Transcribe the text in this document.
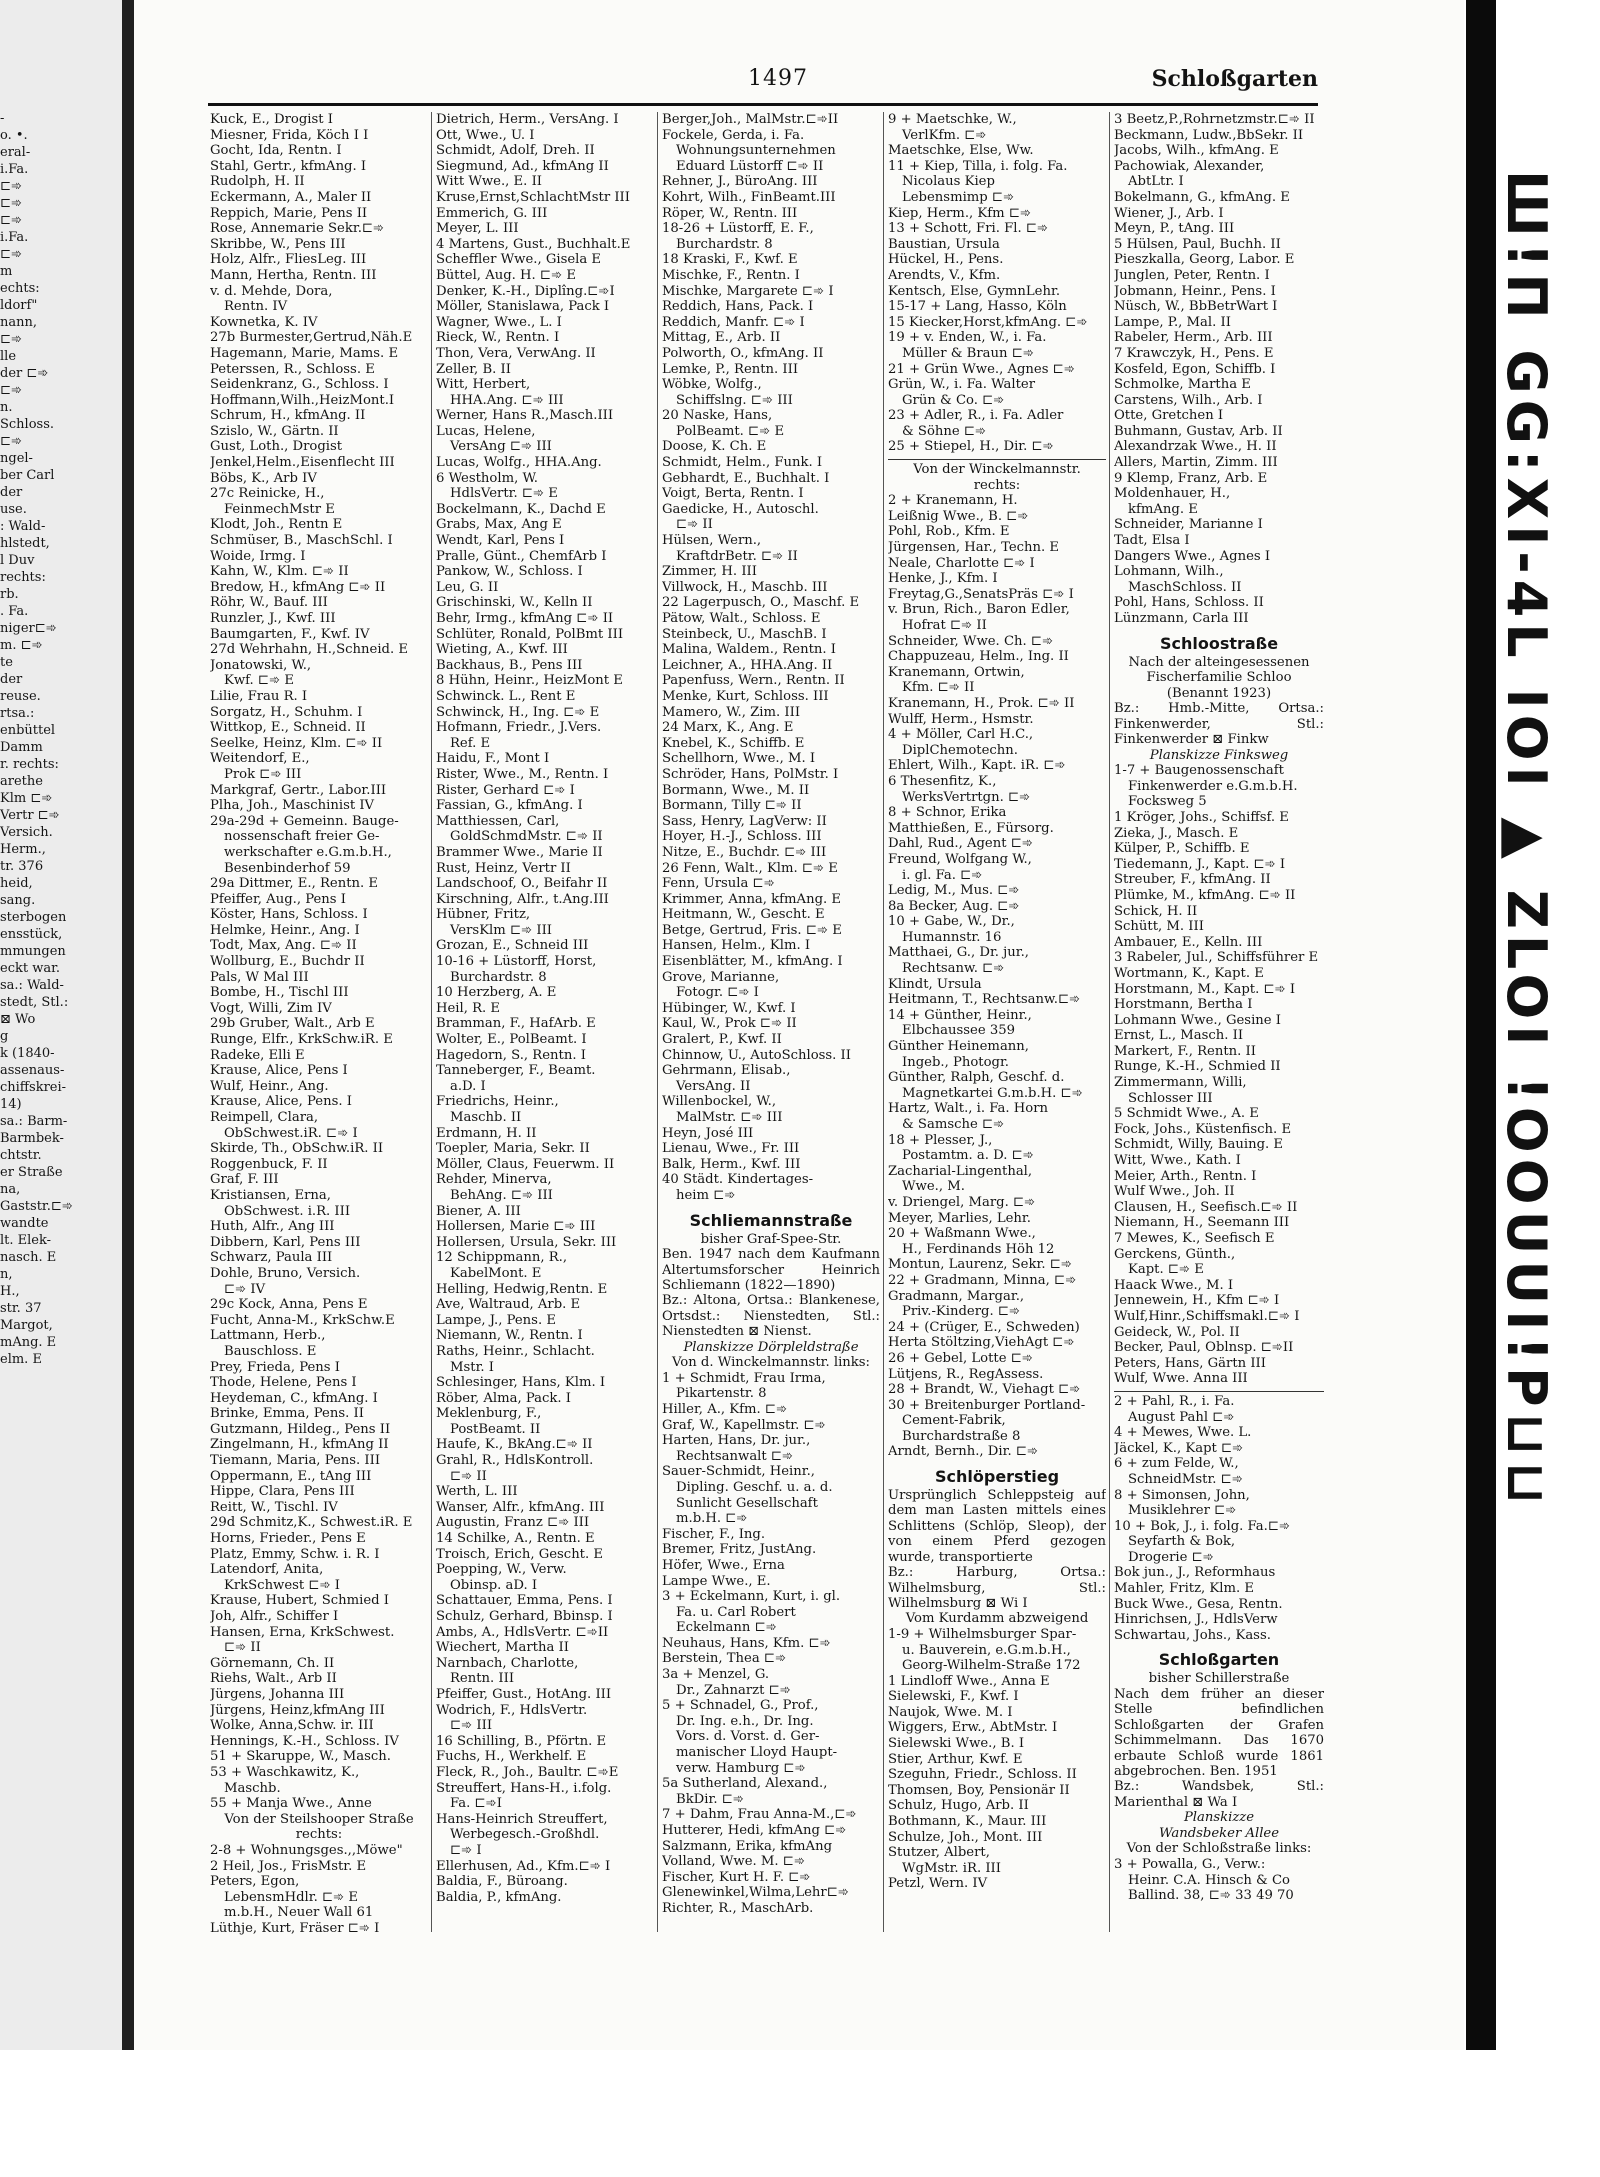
-
o. •.
eral-
i.Fa.
⊏➾
⊏➾
⊏➾
i.Fa.
⊏➾
m
echts:
ldorf"
nann,
⊏➾
lle
der ⊏➾
⊏➾
n.
Schloss.
⊏➾
ngel-
ber Carl
der
use.
: Wald-
hlstedt,
l Duv
rechts:
rb.
. Fa.
niger⊏➾
m. ⊏➾
te
der
reuse.
rtsa.:
enbüttel
Damm
r. rechts:
arethe
Klm ⊏➾
Vertr ⊏➾
Versich.
Herm.,
tr. 376
heid,
sang.
sterbogen
ensstück,
mmungen
eckt war.
sa.: Wald-
stedt, Stl.:
⊠ Wo
g
k (1840-
assenaus-
chiffskrei-
14)
sa.: Barm-
Barmbek-
chtstr.
er Straße
na,
Gaststr.⊏➾
wandte
lt. Elek-
nasch. E
n,
H.,
str. 37
Margot,
mAng. E
elm. E	Ш!П GG:XI-4L IOI ▲ ZLOI !OOUUI!P⊔⊔
1497	Schloßgarten
Kuck, E., Drogist I
Miesner, Frida, Köch I I
Gocht, Ida, Rentn. I
Stahl, Gertr., kfmAng. I
Rudolph, H. II
Eckermann, A., Maler II
Reppich, Marie, Pens II
Rose, Annemarie Sekr.⊏➾
Skribbe, W., Pens III
Holz, Alfr., FliesLeg. III
Mann, Hertha, Rentn. III
v. d. Mehde, Dora,
Rentn. IV
Kownetka, K. IV
27b Burmester,Gertrud,Näh.E
Hagemann, Marie, Mams. E
Peterssen, R., Schloss. E
Seidenkranz, G., Schloss. I
Hoffmann,Wilh.,HeizMont.I
Schrum, H., kfmAng. II
Szislo, W., Gärtn. II
Gust, Loth., Drogist
Jenkel,Helm.,Eisenflecht III
Böbs, K., Arb IV
27c Reinicke, H.,
FeinmechMstr E
Klodt, Joh., Rentn E
Schmüser, B., MaschSchl. I
Woide, Irmg. I
Kahn, W., Klm. ⊏➾ II
Bredow, H., kfmAng ⊏➾ II
Röhr, W., Bauf. III
Runzler, J., Kwf. III
Baumgarten, F., Kwf. IV
27d Wehrhahn, H.,Schneid. E
Jonatowski, W.,
Kwf. ⊏➾ E
Lilie, Frau R. I
Sorgatz, H., Schuhm. I
Wittkop, E., Schneid. II
Seelke, Heinz, Klm. ⊏➾ II
Weitendorf, E.,
Prok ⊏➾ III
Markgraf, Gertr., Labor.III
Plha, Joh., Maschinist IV
29a-29d + Gemeinn. Bauge-
nossenschaft freier Ge-
werkschafter e.G.m.b.H.,
Besenbinderhof 59
29a Dittmer, E., Rentn. E
Pfeiffer, Aug., Pens I
Köster, Hans, Schloss. I
Helmke, Heinr., Ang. I
Todt, Max, Ang. ⊏➾ II
Wollburg, E., Buchdr II
Pals, W Mal III
Bombe, H., Tischl III
Vogt, Willi, Zim IV
29b Gruber, Walt., Arb E
Runge, Elfr., KrkSchw.iR. E
Radeke, Elli E
Krause, Alice, Pens I
Wulf, Heinr., Ang.
Krause, Alice, Pens. I
Reimpell, Clara,
ObSchwest.iR. ⊏➾ I
Skirde, Th., ObSchw.iR. II
Roggenbuck, F. II
Graf, F. III
Kristiansen, Erna,
ObSchwest. i.R. III
Huth, Alfr., Ang III
Dibbern, Karl, Pens III
Schwarz, Paula III
Dohle, Bruno, Versich.
⊏➾ IV
29c Kock, Anna, Pens E
Fucht, Anna-M., KrkSchw.E
Lattmann, Herb.,
Bauschloss. E
Prey, Frieda, Pens I
Thode, Helene, Pens I
Heydeman, C., kfmAng. I
Brinke, Emma, Pens. II
Gutzmann, Hildeg., Pens II
Zingelmann, H., kfmAng II
Tiemann, Maria, Pens. III
Oppermann, E., tAng III
Hippe, Clara, Pens III
Reitt, W., Tischl. IV
29d Schmitz,K., Schwest.iR. E
Horns, Frieder., Pens E
Platz, Emmy, Schw. i. R. I
Latendorf, Anita,
KrkSchwest ⊏➾ I
Krause, Hubert, Schmied I
Joh, Alfr., Schiffer I
Hansen, Erna, KrkSchwest.
⊏➾ II
Görnemann, Ch. II
Riehs, Walt., Arb II
Jürgens, Johanna III
Jürgens, Heinz,kfmAng III
Wolke, Anna,Schw. ir. III
Hennings, K.-H., Schloss. IV
51 + Skaruppe, W., Masch.
53 + Waschkawitz, K.,
Maschb.
55 + Manja Wwe., Anne
Von der Steilshooper Straße
rechts:
2-8 + Wohnungsges.,,Möwe"
2 Heil, Jos., FrisMstr. E
Peters, Egon,
LebensmHdlr. ⊏➾ E
m.b.H., Neuer Wall 61
Lüthje, Kurt, Fräser ⊏➾ I
Dietrich, Herm., VersAng. I
Ott, Wwe., U. I
Schmidt, Adolf, Dreh. II
Siegmund, Ad., kfmAng II
Witt Wwe., E. II
Kruse,Ernst,SchlachtMstr III
Emmerich, G. III
Meyer, L. III
4 Martens, Gust., Buchhalt.E
Scheffler Wwe., Gisela E
Büttel, Aug. H. ⊏➾ E
Denker, K.-H., Diplîng.⊏➾I
Möller, Stanislawa, Pack I
Wagner, Wwe., L. I
Rieck, W., Rentn. I
Thon, Vera, VerwAng. II
Zeller, B. II
Witt, Herbert,
HHA.Ang. ⊏➾ III
Werner, Hans R.,Masch.III
Lucas, Helene,
VersAng ⊏➾ III
Lucas, Wolfg., HHA.Ang.
6 Westholm, W.
HdlsVertr. ⊏➾ E
Bockelmann, K., Dachd E
Grabs, Max, Ang E
Wendt, Karl, Pens I
Pralle, Günt., ChemfArb I
Pankow, W., Schloss. I
Leu, G. II
Grischinski, W., Kelln II
Behr, Irmg., kfmAng ⊏➾ II
Schlüter, Ronald, PolBmt III
Wieting, A., Kwf. III
Backhaus, B., Pens III
8 Hühn, Heinr., HeizMont E
Schwinck. L., Rent E
Schwinck, H., Ing. ⊏➾ E
Hofmann, Friedr., J.Vers.
Ref. E
Haidu, F., Mont I
Rister, Wwe., M., Rentn. I
Rister, Gerhard ⊏➾ I
Fassian, G., kfmAng. I
Matthiessen, Carl,
GoldSchmdMstr. ⊏➾ II
Brammer Wwe., Marie II
Rust, Heinz, Vertr II
Landschoof, O., Beifahr II
Kirschning, Alfr., t.Ang.III
Hübner, Fritz,
VersKlm ⊏➾ III
Grozan, E., Schneid III
10-16 + Lüstorff, Horst,
Burchardstr. 8
10 Herzberg, A. E
Heil, R. E
Bramman, F., HafArb. E
Wolter, E., PolBeamt. I
Hagedorn, S., Rentn. I
Tanneberger, F., Beamt.
a.D. I
Friedrichs, Heinr.,
Maschb. II
Erdmann, H. II
Toepler, Maria, Sekr. II
Möller, Claus, Feuerwm. II
Rehder, Minerva,
BehAng. ⊏➾ III
Biener, A. III
Hollersen, Marie ⊏➾ III
Hollersen, Ursula, Sekr. III
12 Schippmann, R.,
KabelMont. E
Helling, Hedwig,Rentn. E
Ave, Waltraud, Arb. E
Lampe, J., Pens. E
Niemann, W., Rentn. I
Raths, Heinr., Schlacht.
Mstr. I
Schlesinger, Hans, Klm. I
Röber, Alma, Pack. I
Meklenburg, F.,
PostBeamt. II
Haufe, K., BkAng.⊏➾ II
Grahl, R., HdlsKontroll.
⊏➾ II
Werth, L. III
Wanser, Alfr., kfmAng. III
Augustin, Franz ⊏➾ III
14 Schilke, A., Rentn. E
Troisch, Erich, Gescht. E
Poepping, W., Verw.
Obinsp. aD. I
Schattauer, Emma, Pens. I
Schulz, Gerhard, Bbinsp. I
Ambs, A., HdlsVertr. ⊏➾II
Wiechert, Martha II
Narnbach, Charlotte,
Rentn. III
Pfeiffer, Gust., HotAng. III
Wodrich, F., HdlsVertr.
⊏➾ III
16 Schilling, B., Pförtn. E
Fuchs, H., Werkhelf. E
Fleck, R., Joh., Baultr. ⊏➾E
Streuffert, Hans-H., i.folg.
Fa. ⊏➾I
Hans-Heinrich Streuffert,
Werbegesch.-Großhdl.
⊏➾ I
Ellerhusen, Ad., Kfm.⊏➾ I
Baldia, F., Büroang.
Baldia, P., kfmAng.
Berger,Joh., MalMstr.⊏➾II
Fockele, Gerda, i. Fa.
Wohnungsunternehmen
Eduard Lüstorff ⊏➾ II
Rehner, J., BüroAng. III
Kohrt, Wilh., FinBeamt.III
Röper, W., Rentn. III
18-26 + Lüstorff, E. F.,
Burchardstr. 8
18 Kraski, F., Kwf. E
Mischke, F., Rentn. I
Mischke, Margarete ⊏➾ I
Reddich, Hans, Pack. I
Reddich, Manfr. ⊏➾ I
Mittag, E., Arb. II
Polworth, O., kfmAng. II
Lemke, P., Rentn. III
Wöbke, Wolfg.,
Schiffslng. ⊏➾ III
20 Naske, Hans,
PolBeamt. ⊏➾ E
Doose, K. Ch. E
Schmidt, Helm., Funk. I
Gebhardt, E., Buchhalt. I
Voigt, Berta, Rentn. I
Gaedicke, H., Autoschl.
⊏➾ II
Hülsen, Wern.,
KraftdrBetr. ⊏➾ II
Zimmer, H. III
Villwock, H., Maschb. III
22 Lagerpusch, O., Maschf. E
Pätow, Walt., Schloss. E
Steinbeck, U., MaschB. I
Malina, Waldem., Rentn. I
Leichner, A., HHA.Ang. II
Papenfuss, Wern., Rentn. II
Menke, Kurt, Schloss. III
Mamero, W., Zim. III
24 Marx, K., Ang. E
Knebel, K., Schiffb. E
Schellhorn, Wwe., M. I
Schröder, Hans, PolMstr. I
Bormann, Wwe., M. II
Bormann, Tilly ⊏➾ II
Sass, Henry, LagVerw: II
Hoyer, H.-J., Schloss. III
Nitze, E., Buchdr. ⊏➾ III
26 Fenn, Walt., Klm. ⊏➾ E
Fenn, Ursula ⊏➾
Krimmer, Anna, kfmAng. E
Heitmann, W., Gescht. E
Betge, Gertrud, Fris. ⊏➾ E
Hansen, Helm., Klm. I
Eisenblätter, M., kfmAng. I
Grove, Marianne,
Fotogr. ⊏➾ I
Hübinger, W., Kwf. I
Kaul, W., Prok ⊏➾ II
Gralert, P., Kwf. II
Chinnow, U., AutoSchloss. II
Gehrmann, Elisab.,
VersAng. II
Willenbockel, W.,
MalMstr. ⊏➾ III
Heyn, José III
Lienau, Wwe., Fr. III
Balk, Herm., Kwf. III
40 Städt. Kindertages-
heim ⊏➾
Schliemannstraße
bisher Graf-Spee-Str.
Ben. 1947 nach dem Kaufmann Altertumsforscher Heinrich Schliemann (1822—1890)
Bz.: Altona, Ortsa.: Blankenese, Ortsdst.: Nienstedten, Stl.: Nienstedten ⊠ Nienst.
Planskizze Dörpleldstraße
Von d. Winckelmannstr. links:
1 + Schmidt, Frau Irma,
Pikartenstr. 8
Hiller, A., Kfm. ⊏➾
Graf, W., Kapellmstr. ⊏➾
Harten, Hans, Dr. jur.,
Rechtsanwalt ⊏➾
Sauer-Schmidt, Heinr.,
Dipling. Geschf. u. a. d.
Sunlicht Gesellschaft
m.b.H. ⊏➾
Fischer, F., Ing.
Bremer, Fritz, JustAng.
Höfer, Wwe., Erna
Lampe Wwe., E.
3 + Eckelmann, Kurt, i. gl.
Fa. u. Carl Robert
Eckelmann ⊏➾
Neuhaus, Hans, Kfm. ⊏➾
Berstein, Thea ⊏➾
3a + Menzel, G.
Dr., Zahnarzt ⊏➾
5 + Schnadel, G., Prof.,
Dr. Ing. e.h., Dr. Ing.
Vors. d. Vorst. d. Ger-
manischer Lloyd Haupt-
verw. Hamburg ⊏➾
5a Sutherland, Alexand.,
BkDir. ⊏➾
7 + Dahm, Frau Anna-M.,⊏➾
Hutterer, Hedi, kfmAng ⊏➾
Salzmann, Erika, kfmAng
Volland, Wwe. M. ⊏➾
Fischer, Kurt H. F. ⊏➾
Glenewinkel,Wilma,Lehr⊏➾
Richter, R., MaschArb.
9 + Maetschke, W.,
VerlKfm. ⊏➾
Maetschke, Else, Ww.
11 + Kiep, Tilla, i. folg. Fa.
Nicolaus Kiep
Lebensmimp ⊏➾
Kiep, Herm., Kfm ⊏➾
13 + Schott, Fri. Fl. ⊏➾
Baustian, Ursula
Hückel, H., Pens.
Arendts, V., Kfm.
Kentsch, Else, GymnLehr.
15-17 + Lang, Hasso, Köln
15 Kiecker,Horst,kfmAng. ⊏➾
19 + v. Enden, W., i. Fa.
Müller & Braun ⊏➾
21 + Grün Wwe., Agnes ⊏➾
Grün, W., i. Fa. Walter
Grün & Co. ⊏➾
23 + Adler, R., i. Fa. Adler
& Söhne ⊏➾
25 + Stiepel, H., Dir. ⊏➾
Von der Winckelmannstr.
rechts:
2 + Kranemann, H.
Leißnig Wwe., B. ⊏➾
Pohl, Rob., Kfm. E
Jürgensen, Har., Techn. E
Neale, Charlotte ⊏➾ I
Henke, J., Kfm. I
Freytag,G.,SenatsPräs ⊏➾ I
v. Brun, Rich., Baron Edler,
Hofrat ⊏➾ II
Schneider, Wwe. Ch. ⊏➾
Chappuzeau, Helm., Ing. II
Kranemann, Ortwin,
Kfm. ⊏➾ II
Kranemann, H., Prok. ⊏➾ II
Wulff, Herm., Hsmstr.
4 + Möller, Carl H.C.,
DiplChemotechn.
Ehlert, Wilh., Kapt. iR. ⊏➾
6 Thesenfitz, K.,
WerksVertrtgn. ⊏➾
8 + Schnor, Erika
Matthießen, E., Fürsorg.
Dahl, Rud., Agent ⊏➾
Freund, Wolfgang W.,
i. gl. Fa. ⊏➾
Ledig, M., Mus. ⊏➾
8a Becker, Aug. ⊏➾
10 + Gabe, W., Dr.,
Humannstr. 16
Matthaei, G., Dr. jur.,
Rechtsanw. ⊏➾
Klindt, Ursula
Heitmann, T., Rechtsanw.⊏➾
14 + Günther, Heinr.,
Elbchaussee 359
Günther Heinemann,
Ingeb., Photogr.
Günther, Ralph, Geschf. d.
Magnetkartei G.m.b.H. ⊏➾
Hartz, Walt., i. Fa. Horn
& Samsche ⊏➾
18 + Plesser, J.,
Postamtm. a. D. ⊏➾
Zacharial-Lingenthal,
Wwe., M.
v. Driengel, Marg. ⊏➾
Meyer, Marlies, Lehr.
20 + Waßmann Wwe.,
H., Ferdinands Höh 12
Montun, Laurenz, Sekr. ⊏➾
22 + Gradmann, Minna, ⊏➾
Gradmann, Margar.,
Priv.-Kinderg. ⊏➾
24 + (Crüger, E., Schweden)
Herta Stöltzing,ViehAgt ⊏➾
26 + Gebel, Lotte ⊏➾
Lütjens, R., RegAssess.
28 + Brandt, W., Viehagt ⊏➾
30 + Breitenburger Portland-
Cement-Fabrik,
Burchardstraße 8
Arndt, Bernh., Dir. ⊏➾
Schlöperstieg
Ursprünglich Schleppsteig auf dem man Lasten mittels eines Schlittens (Schlöp, Sleop), der von einem Pferd gezogen wurde, transportierte
Bz.: Harburg, Ortsa.: Wilhelmsburg, Stl.: Wilhelmsburg ⊠ Wi I
Vom Kurdamm abzweigend
1-9 + Wilhelmsburger Spar-
u. Bauverein, e.G.m.b.H.,
Georg-Wilhelm-Straße 172
1 Lindloff Wwe., Anna E
Sielewski, F., Kwf. I
Naujok, Wwe. M. I
Wiggers, Erw., AbtMstr. I
Sielewski Wwe., B. I
Stier, Arthur, Kwf. E
Szeguhn, Friedr., Schloss. II
Thomsen, Boy, Pensionär II
Schulz, Hugo, Arb. II
Bothmann, K., Maur. III
Schulze, Joh., Mont. III
Stutzer, Albert,
WgMstr. iR. III
Petzl, Wern. IV
3 Beetz,P.,Rohrnetzmstr.⊏➾ II
Beckmann, Ludw.,BbSekr. II
Jacobs, Wilh., kfmAng. E
Pachowiak, Alexander,
AbtLtr. I
Bokelmann, G., kfmAng. E
Wiener, J., Arb. I
Meyn, P., tAng. III
5 Hülsen, Paul, Buchh. II
Pieszkalla, Georg, Labor. E
Junglen, Peter, Rentn. I
Jobmann, Heinr., Pens. I
Nüsch, W., BbBetrWart I
Lampe, P., Mal. II
Rabeler, Herm., Arb. III
7 Krawczyk, H., Pens. E
Kosfeld, Egon, Schiffb. I
Schmolke, Martha E
Carstens, Wilh., Arb. I
Otte, Gretchen I
Buhmann, Gustav, Arb. II
Alexandrzak Wwe., H. II
Allers, Martin, Zimm. III
9 Klemp, Franz, Arb. E
Moldenhauer, H.,
kfmAng. E
Schneider, Marianne I
Tadt, Elsa I
Dangers Wwe., Agnes I
Lohmann, Wilh.,
MaschSchloss. II
Pohl, Hans, Schloss. II
Lünzmann, Carla III
Schloostraße
Nach der alteingesessenen Fischerfamilie Schloo (Benannt 1923)
Bz.: Hmb.-Mitte, Ortsa.: Finkenwerder, Stl.: Finkenwerder ⊠ Finkw
Planskizze Finksweg
1-7 + Baugenossenschaft
Finkenwerder e.G.m.b.H.
Focksweg 5
1 Kröger, Johs., Schiffsf. E
Zieka, J., Masch. E
Külper, P., Schiffb. E
Tiedemann, J., Kapt. ⊏➾ I
Streuber, F., kfmAng. II
Plümke, M., kfmAng. ⊏➾ II
Schick, H. II
Schütt, M. III
Ambauer, E., Kelln. III
3 Rabeler, Jul., Schiffsführer E
Wortmann, K., Kapt. E
Horstmann, M., Kapt. ⊏➾ I
Horstmann, Bertha I
Lohmann Wwe., Gesine I
Ernst, L., Masch. II
Markert, F., Rentn. II
Runge, K.-H., Schmied II
Zimmermann, Willi,
Schlosser III
5 Schmidt Wwe., A. E
Fock, Johs., Küstenfisch. E
Schmidt, Willy, Bauing. E
Witt, Wwe., Kath. I
Meier, Arth., Rentn. I
Wulf Wwe., Joh. II
Clausen, H., Seefisch.⊏➾ II
Niemann, H., Seemann III
7 Mewes, K., Seefisch E
Gerckens, Günth.,
Kapt. ⊏➾ E
Haack Wwe., M. I
Jennewein, H., Kfm ⊏➾ I
Wulf,Hinr.,Schiffsmakl.⊏➾ I
Geideck, W., Pol. II
Becker, Paul, Oblnsp. ⊏➾II
Peters, Hans, Gärtn III
Wulf, Wwe. Anna III
2 + Pahl, R., i. Fa.
August Pahl ⊏➾
4 + Mewes, Wwe. L.
Jäckel, K., Kapt ⊏➾
6 + zum Felde, W.,
SchneidMstr. ⊏➾
8 + Simonsen, John,
Musiklehrer ⊏➾
10 + Bok, J., i. folg. Fa.⊏➾
Seyfarth & Bok,
Drogerie ⊏➾
Bok jun., J., Reformhaus
Mahler, Fritz, Klm. E
Buck Wwe., Gesa, Rentn.
Hinrichsen, J., HdlsVerw
Schwartau, Johs., Kass.
Schloßgarten
bisher Schillerstraße
Nach dem früher an dieser Stelle befindlichen Schloßgarten der Grafen Schimmelmann. Das 1670 erbaute Schloß wurde 1861 abgebrochen. Ben. 1951
Bz.: Wandsbek, Stl.: Marienthal ⊠ Wa I
Planskizze
Wandsbeker Allee
Von der Schloßstraße links:
3 + Powalla, G., Verw.:
Heinr. C.A. Hinsch & Co
Ballind. 38, ⊏➾ 33 49 70
